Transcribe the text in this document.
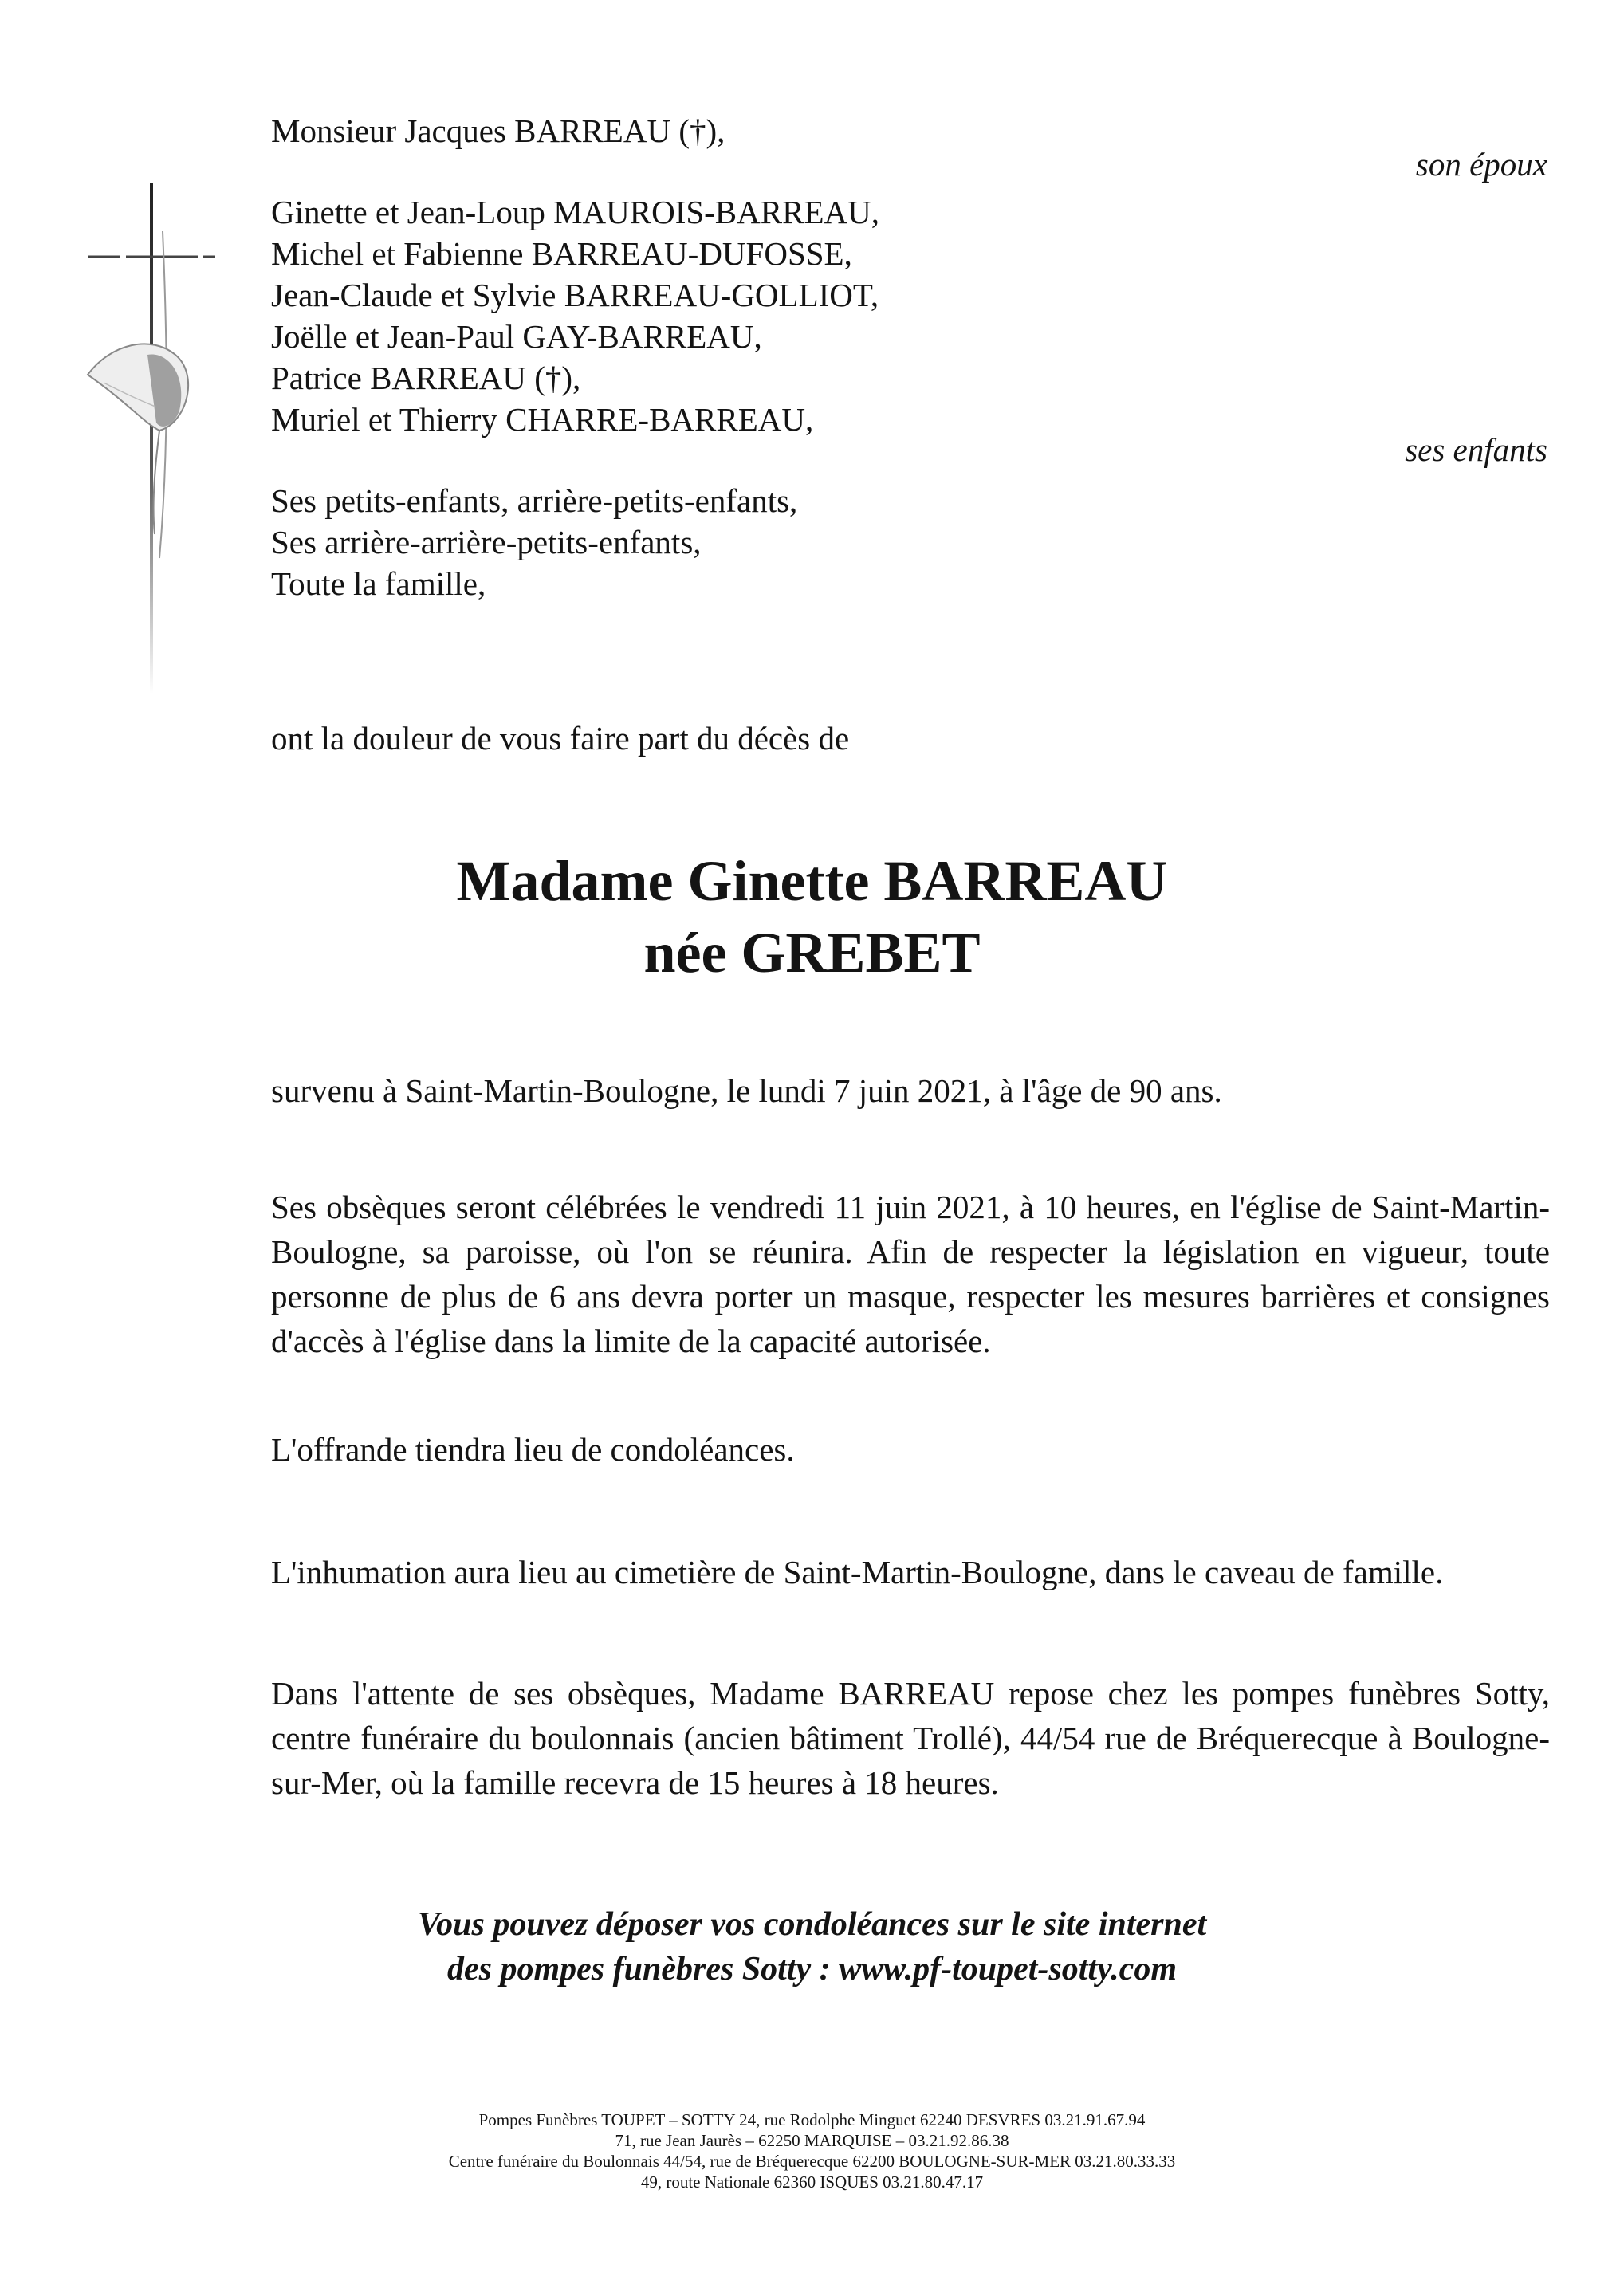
Monsieur Jacques BARREAU (†),
Ginette et Jean-Loup MAUROIS-BARREAU,
Michel et Fabienne BARREAU-DUFOSSE,
Jean-Claude et Sylvie BARREAU-GOLLIOT,
Joëlle et Jean-Paul GAY-BARREAU,
Patrice BARREAU (†),
Muriel et Thierry CHARRE-BARREAU,
Ses petits-enfants, arrière-petits-enfants,
Ses arrière-arrière-petits-enfants,
Toute la famille,
son époux
ses enfants
ont la douleur de vous faire part du décès de
Madame Ginette BARREAU
née GREBET
survenu à Saint-Martin-Boulogne, le lundi 7 juin 2021, à l'âge de 90 ans.
Ses obsèques seront célébrées le vendredi 11 juin 2021, à 10 heures, en l'église de Saint-Martin-Boulogne, sa paroisse, où l'on se réunira. Afin de respecter la législation en vigueur, toute personne de plus de 6 ans devra porter un masque, respecter les mesures barrières et consignes d'accès à l'église dans la limite de la capacité autorisée.
L'offrande tiendra lieu de condoléances.
L'inhumation aura lieu au cimetière de Saint-Martin-Boulogne, dans le caveau de famille.
Dans l'attente de ses obsèques, Madame BARREAU repose chez les pompes funèbres Sotty, centre funéraire du boulonnais (ancien bâtiment Trollé), 44/54 rue de Bréquerecque à Boulogne-sur-Mer, où la famille recevra de 15 heures à 18 heures.
Vous pouvez déposer vos condoléances sur le site internet
des pompes funèbres Sotty : www.pf-toupet-sotty.com
Pompes Funèbres TOUPET – SOTTY 24, rue Rodolphe Minguet 62240 DESVRES 03.21.91.67.94
71, rue Jean Jaurès – 62250 MARQUISE – 03.21.92.86.38
Centre funéraire du Boulonnais 44/54, rue de Bréquerecque 62200 BOULOGNE-SUR-MER 03.21.80.33.33
49, route Nationale 62360 ISQUES 03.21.80.47.17
